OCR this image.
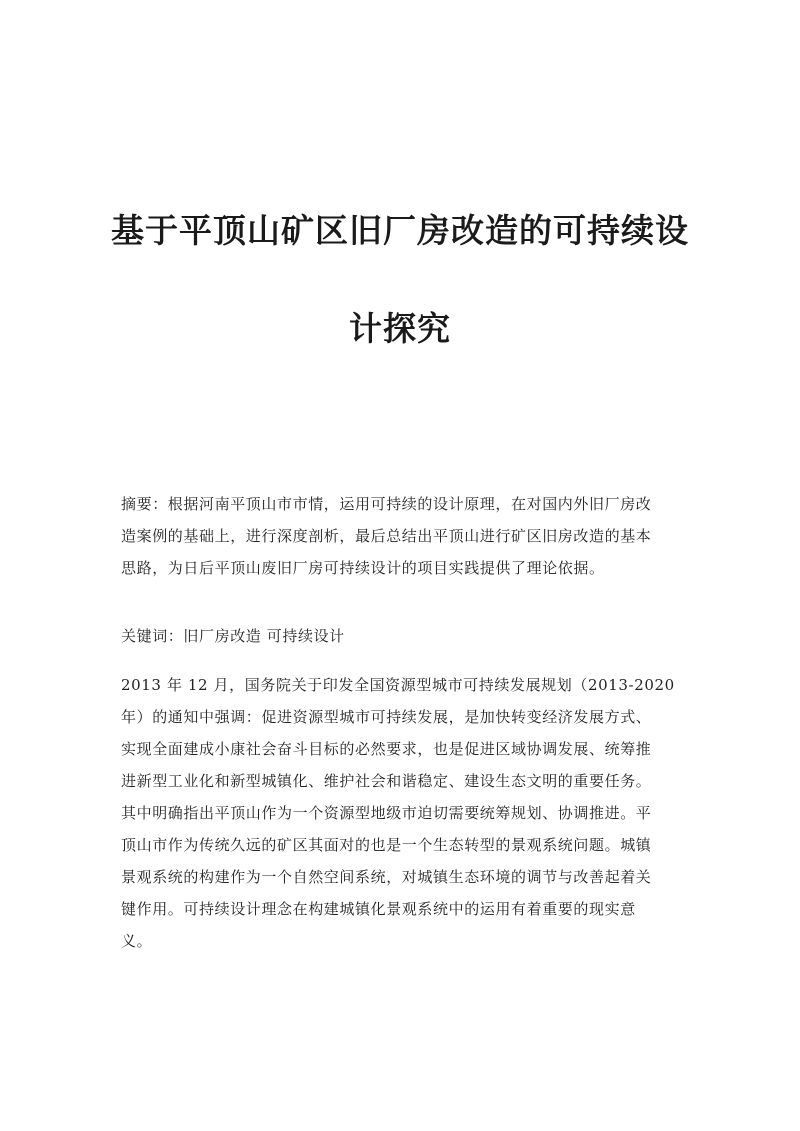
基于平顶山矿区旧厂房改造的可持续设
计探究
摘要：根据河南平顶山市市情，运用可持续的设计原理，在对国内外旧厂房改
造案例的基础上，进行深度剖析，最后总结出平顶山进行矿区旧房改造的基本
思路，为日后平顶山废旧厂房可持续设计的项目实践提供了理论依据。
关键词：旧厂房改造 可持续设计
2013 年 12 月，国务院关于印发全国资源型城市可持续发展规划（2013-2020
年）的通知中强调：促进资源型城市可持续发展，是加快转变经济发展方式、
实现全面建成小康社会奋斗目标的必然要求，也是促进区域协调发展、统筹推
进新型工业化和新型城镇化、维护社会和谐稳定、建设生态文明的重要任务。
其中明确指出平顶山作为一个资源型地级市迫切需要统筹规划、协调推进。平
顶山市作为传统久远的矿区其面对的也是一个生态转型的景观系统问题。城镇
景观系统的构建作为一个自然空间系统，对城镇生态环境的调节与改善起着关
键作用。可持续设计理念在构建城镇化景观系统中的运用有着重要的现实意
义。
